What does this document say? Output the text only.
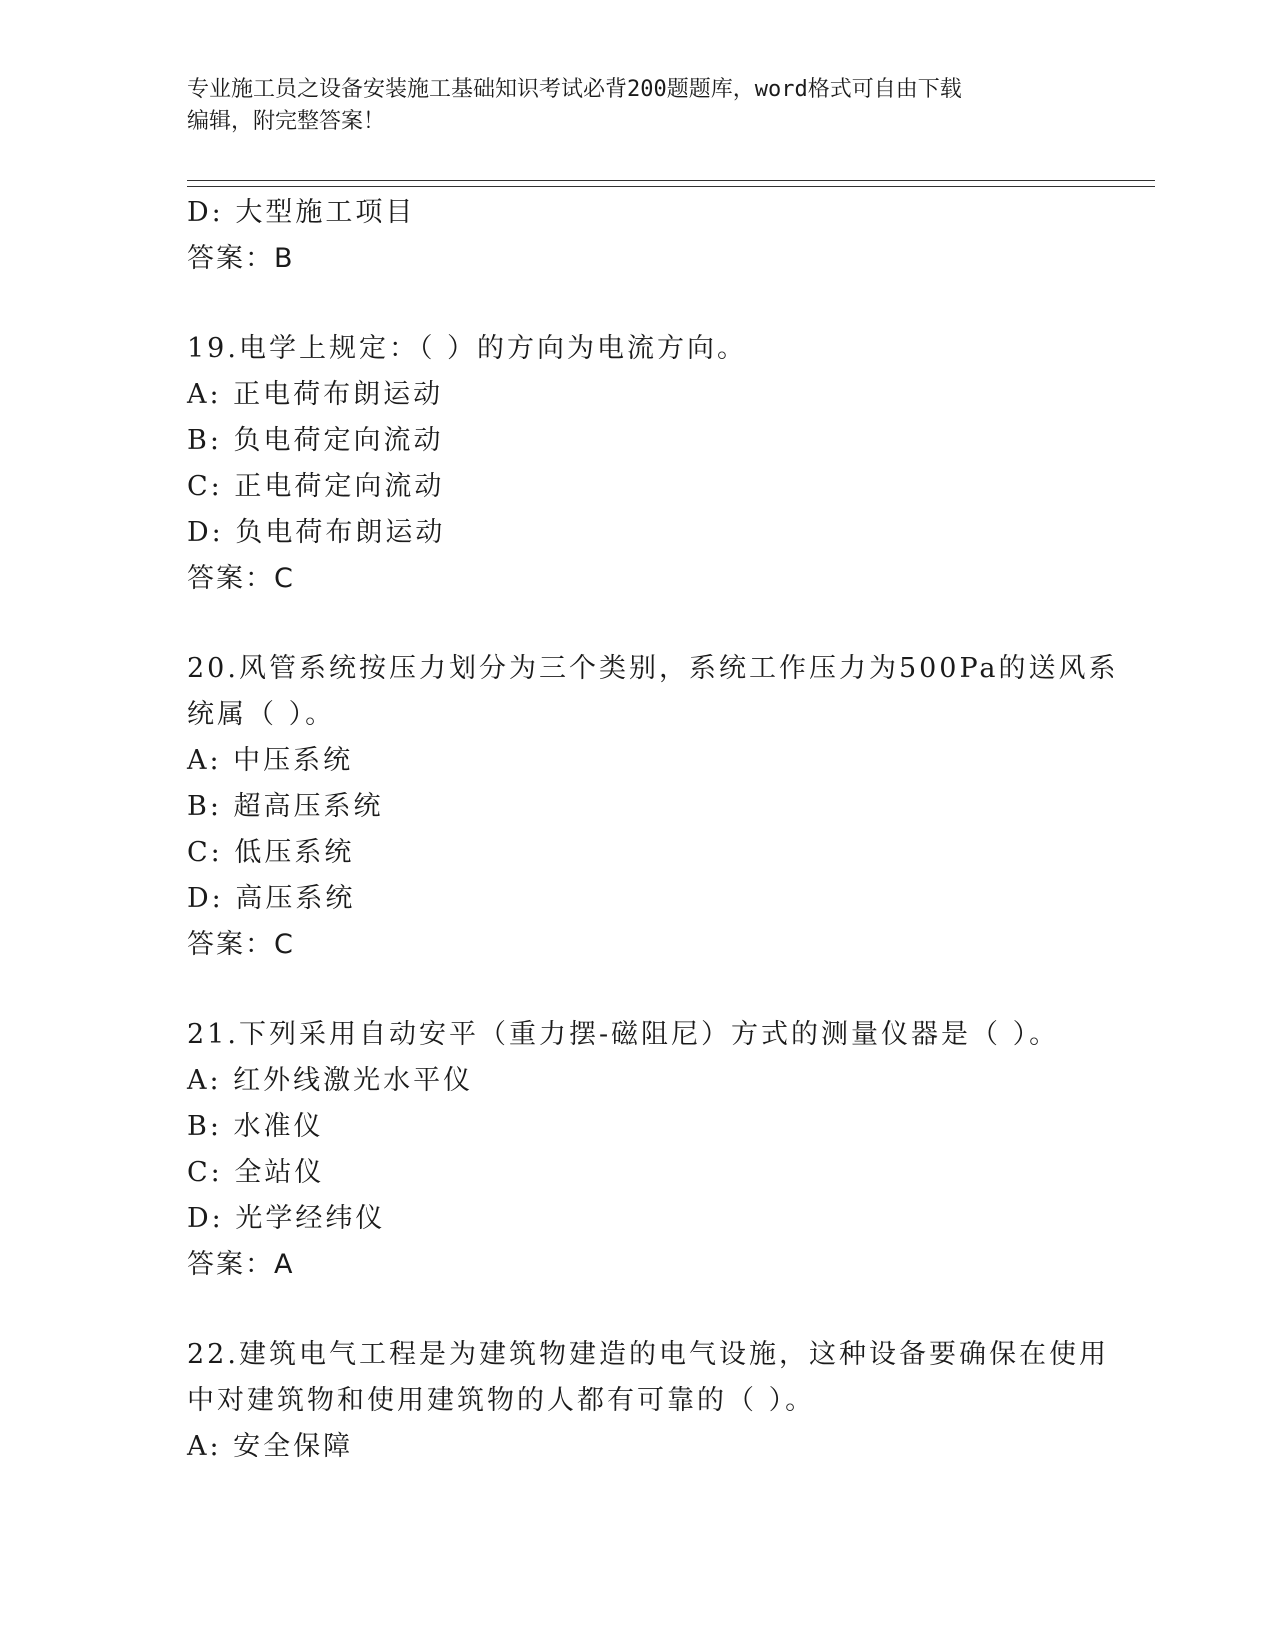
专业施工员之设备安装施工基础知识考试必背200题题库，word格式可自由下载
编辑，附完整答案！
D: 大型施工项目
答案：B
19.电学上规定：（ ）的方向为电流方向。
A: 正电荷布朗运动
B: 负电荷定向流动
C: 正电荷定向流动
D: 负电荷布朗运动
答案：C
20.风管系统按压力划分为三个类别，系统工作压力为500Pa的送风系
统属（ ）。
A: 中压系统
B: 超高压系统
C: 低压系统
D: 高压系统
答案：C
21.下列采用自动安平（重力摆-磁阻尼）方式的测量仪器是（ ）。
A: 红外线激光水平仪
B: 水准仪
C: 全站仪
D: 光学经纬仪
答案：A
22.建筑电气工程是为建筑物建造的电气设施，这种设备要确保在使用
中对建筑物和使用建筑物的人都有可靠的（ ）。
A: 安全保障
